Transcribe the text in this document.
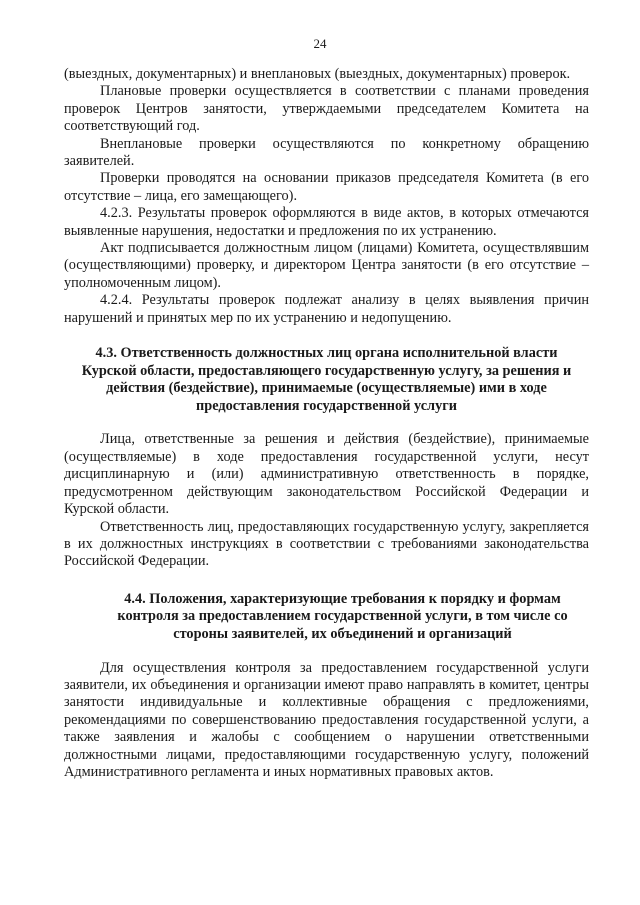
24

(выездных, документарных) и внеплановых (выездных, документарных) проверок.

Плановые проверки осуществляется в соответствии с планами проведения проверок Центров занятости, утверждаемыми председателем Комитета на соответствующий год.

Внеплановые проверки осуществляются по конкретному обращению заявителей.

Проверки проводятся на основании приказов председателя Комитета (в его отсутствие – лица, его замещающего).

4.2.3. Результаты проверок оформляются в виде актов, в которых отмечаются выявленные нарушения, недостатки и предложения по их устранению.

Акт подписывается должностным лицом (лицами) Комитета, осуществлявшим (осуществляющими) проверку, и директором Центра занятости (в его отсутствие – уполномоченным лицом).

4.2.4. Результаты проверок подлежат анализу в целях выявления причин нарушений и принятых мер по их устранению и недопущению.

4.3. Ответственность должностных лиц органа исполнительной власти Курской области, предоставляющего государственную услугу, за решения и действия (бездействие), принимаемые (осуществляемые) ими в ходе предоставления государственной услуги

Лица, ответственные за решения и действия (бездействие), принимаемые (осуществляемые) в ходе предоставления государственной услуги, несут дисциплинарную и (или) административную ответственность в порядке, предусмотренном действующим законодательством Российской Федерации и Курской области.

Ответственность лиц, предоставляющих государственную услугу, закрепляется в их должностных инструкциях в соответствии с требованиями законодательства Российской Федерации.

4.4. Положения, характеризующие требования к порядку и формам контроля за предоставлением государственной услуги, в том числе со стороны заявителей, их объединений и организаций

Для осуществления контроля за предоставлением государственной услуги заявители, их объединения и организации имеют право направлять в комитет, центры занятости индивидуальные и коллективные обращения с предложениями, рекомендациями по совершенствованию предоставления государственной услуги, а также заявления и жалобы с сообщением о нарушении ответственными должностными лицами, предоставляющими государственную услугу, положений Административного регламента и иных нормативных правовых актов.
